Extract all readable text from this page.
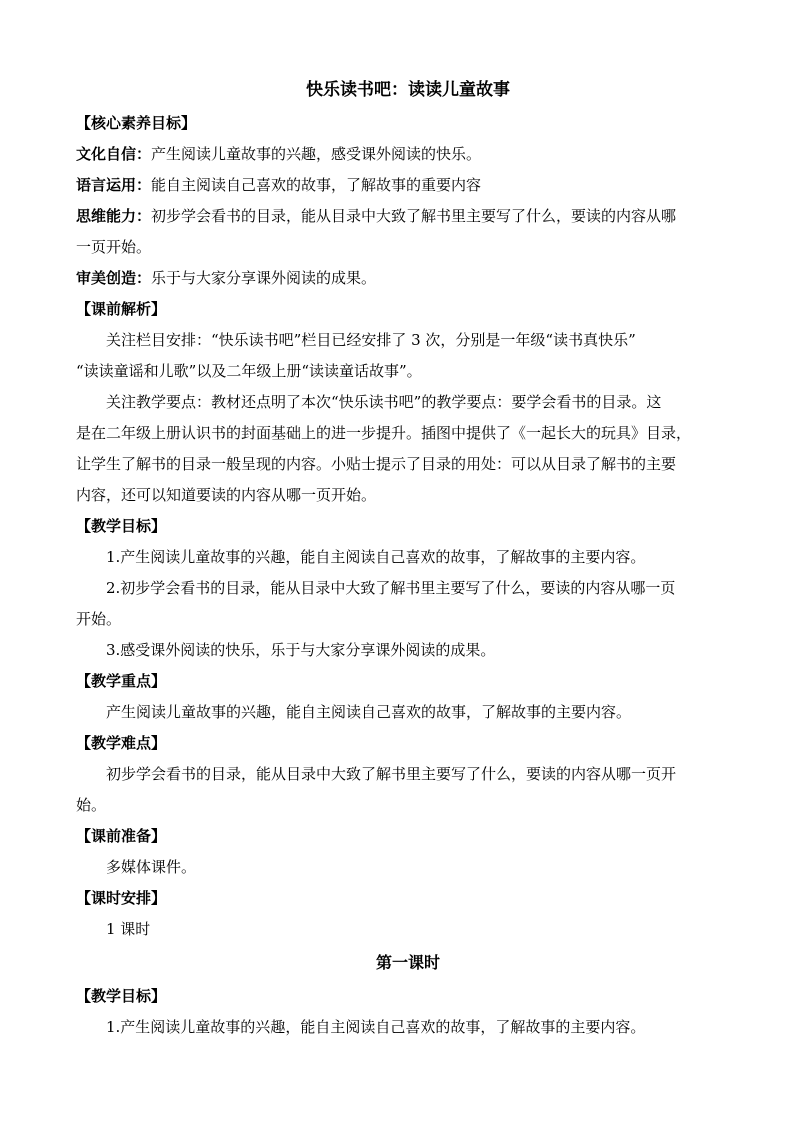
快乐读书吧：读读儿童故事
【核心素养目标】
文化自信：产生阅读儿童故事的兴趣，感受课外阅读的快乐。
语言运用：能自主阅读自己喜欢的故事，了解故事的重要内容
思维能力：初步学会看书的目录，能从目录中大致了解书里主要写了什么，要读的内容从哪
一页开始。
审美创造：乐于与大家分享课外阅读的成果。
【课前解析】
关注栏目安排：“快乐读书吧”栏目已经安排了 3 次，分别是一年级“读书真快乐”
“读读童谣和儿歌”以及二年级上册“读读童话故事”。
关注教学要点：教材还点明了本次“快乐读书吧”的教学要点：要学会看书的目录。这
是在二年级上册认识书的封面基础上的进一步提升。插图中提供了《一起长大的玩具》目录，
让学生了解书的目录一般呈现的内容。小贴士提示了目录的用处：可以从目录了解书的主要
内容，还可以知道要读的内容从哪一页开始。
【教学目标】
1.产生阅读儿童故事的兴趣，能自主阅读自己喜欢的故事，了解故事的主要内容。
2.初步学会看书的目录，能从目录中大致了解书里主要写了什么，要读的内容从哪一页
开始。
3.感受课外阅读的快乐，乐于与大家分享课外阅读的成果。
【教学重点】
产生阅读儿童故事的兴趣，能自主阅读自己喜欢的故事，了解故事的主要内容。
【教学难点】
初步学会看书的目录，能从目录中大致了解书里主要写了什么，要读的内容从哪一页开
始。
【课前准备】
多媒体课件。
【课时安排】
1 课时
第一课时
【教学目标】
1.产生阅读儿童故事的兴趣，能自主阅读自己喜欢的故事，了解故事的主要内容。
